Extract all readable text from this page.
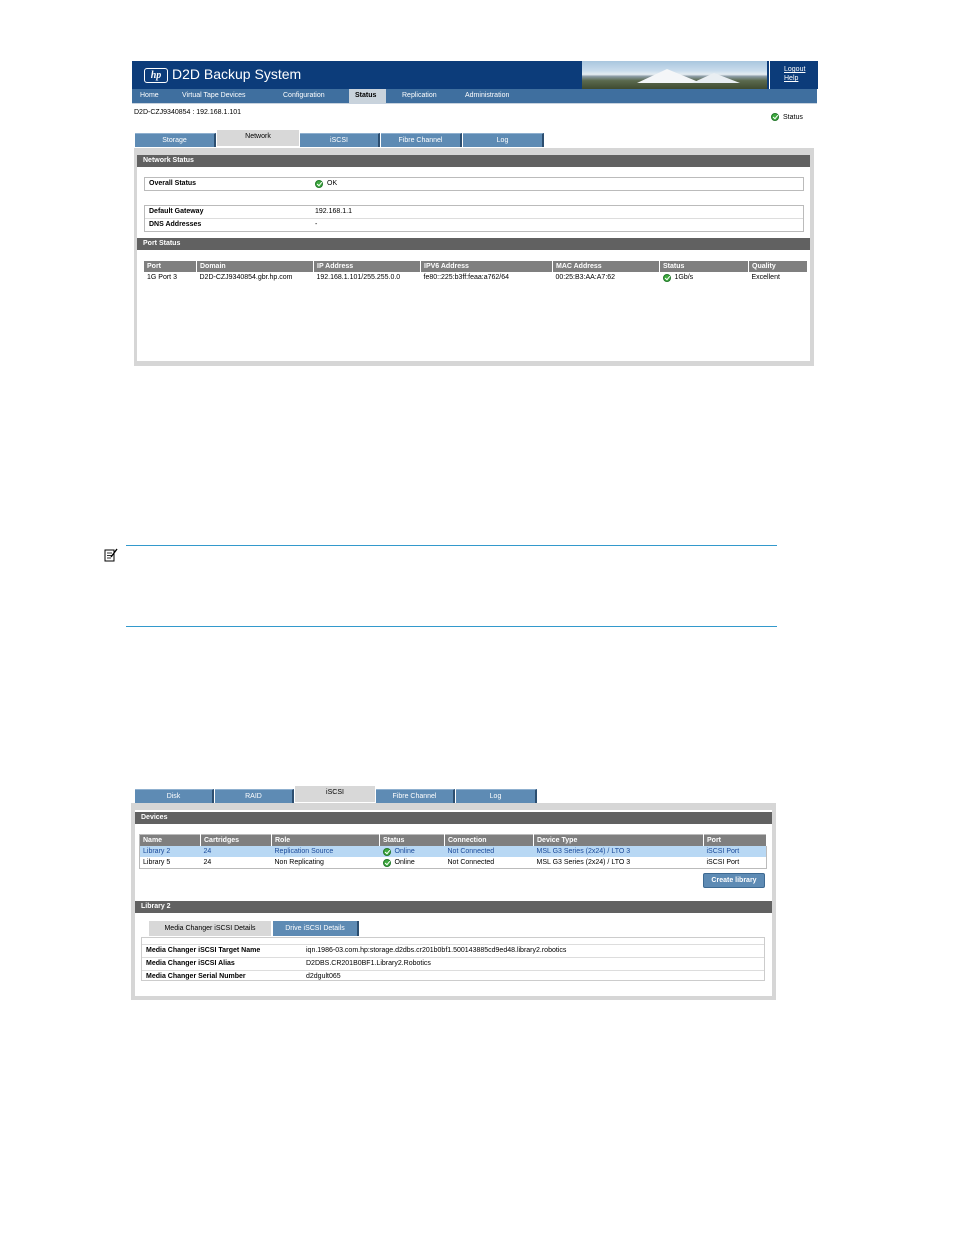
hp D2D Backup System	Logout
Help
Home	Virtual Tape Devices	Configuration	Status	Replication	Administration
D2D-CZJ9340854 : 192.168.1.101
Status
Storage
Network
iSCSI	Fibre Channel	Log
Network Status
Overall Status	OK
Default Gateway	192.168.1.1
DNS Addresses	-
Port Status
Port	Domain	IP Address	IPV6 Address	MAC Address	Status	Quality
1G Port 3	D2D-CZJ9340854.gbr.hp.com	192.168.1.101/255.255.0.0	fe80::225:b3ff:feaa:a762/64	00:25:B3:AA:A7:62	1Gb/s	Excellent
Disk	RAID
iSCSI
Fibre Channel	Log
Devices
Name	Cartridges	Role	Status	Connection	Device Type	Port
Library 2	24	Replication Source	Online	Not Connected	MSL G3 Series (2x24) / LTO 3	iSCSI Port
Library 5	24	Non Replicating	Online	Not Connected	MSL G3 Series (2x24) / LTO 3	iSCSI Port
Create library
Library 2
Media Changer iSCSI Details	Drive iSCSI Details
Media Changer iSCSI Target Name	iqn.1986-03.com.hp:storage.d2dbs.cr201b0bf1.500143885cd9ed48.library2.robotics
Media Changer iSCSI Alias	D2DBS.CR201B0BF1.Library2.Robotics
Media Changer Serial Number	d2dgult065
